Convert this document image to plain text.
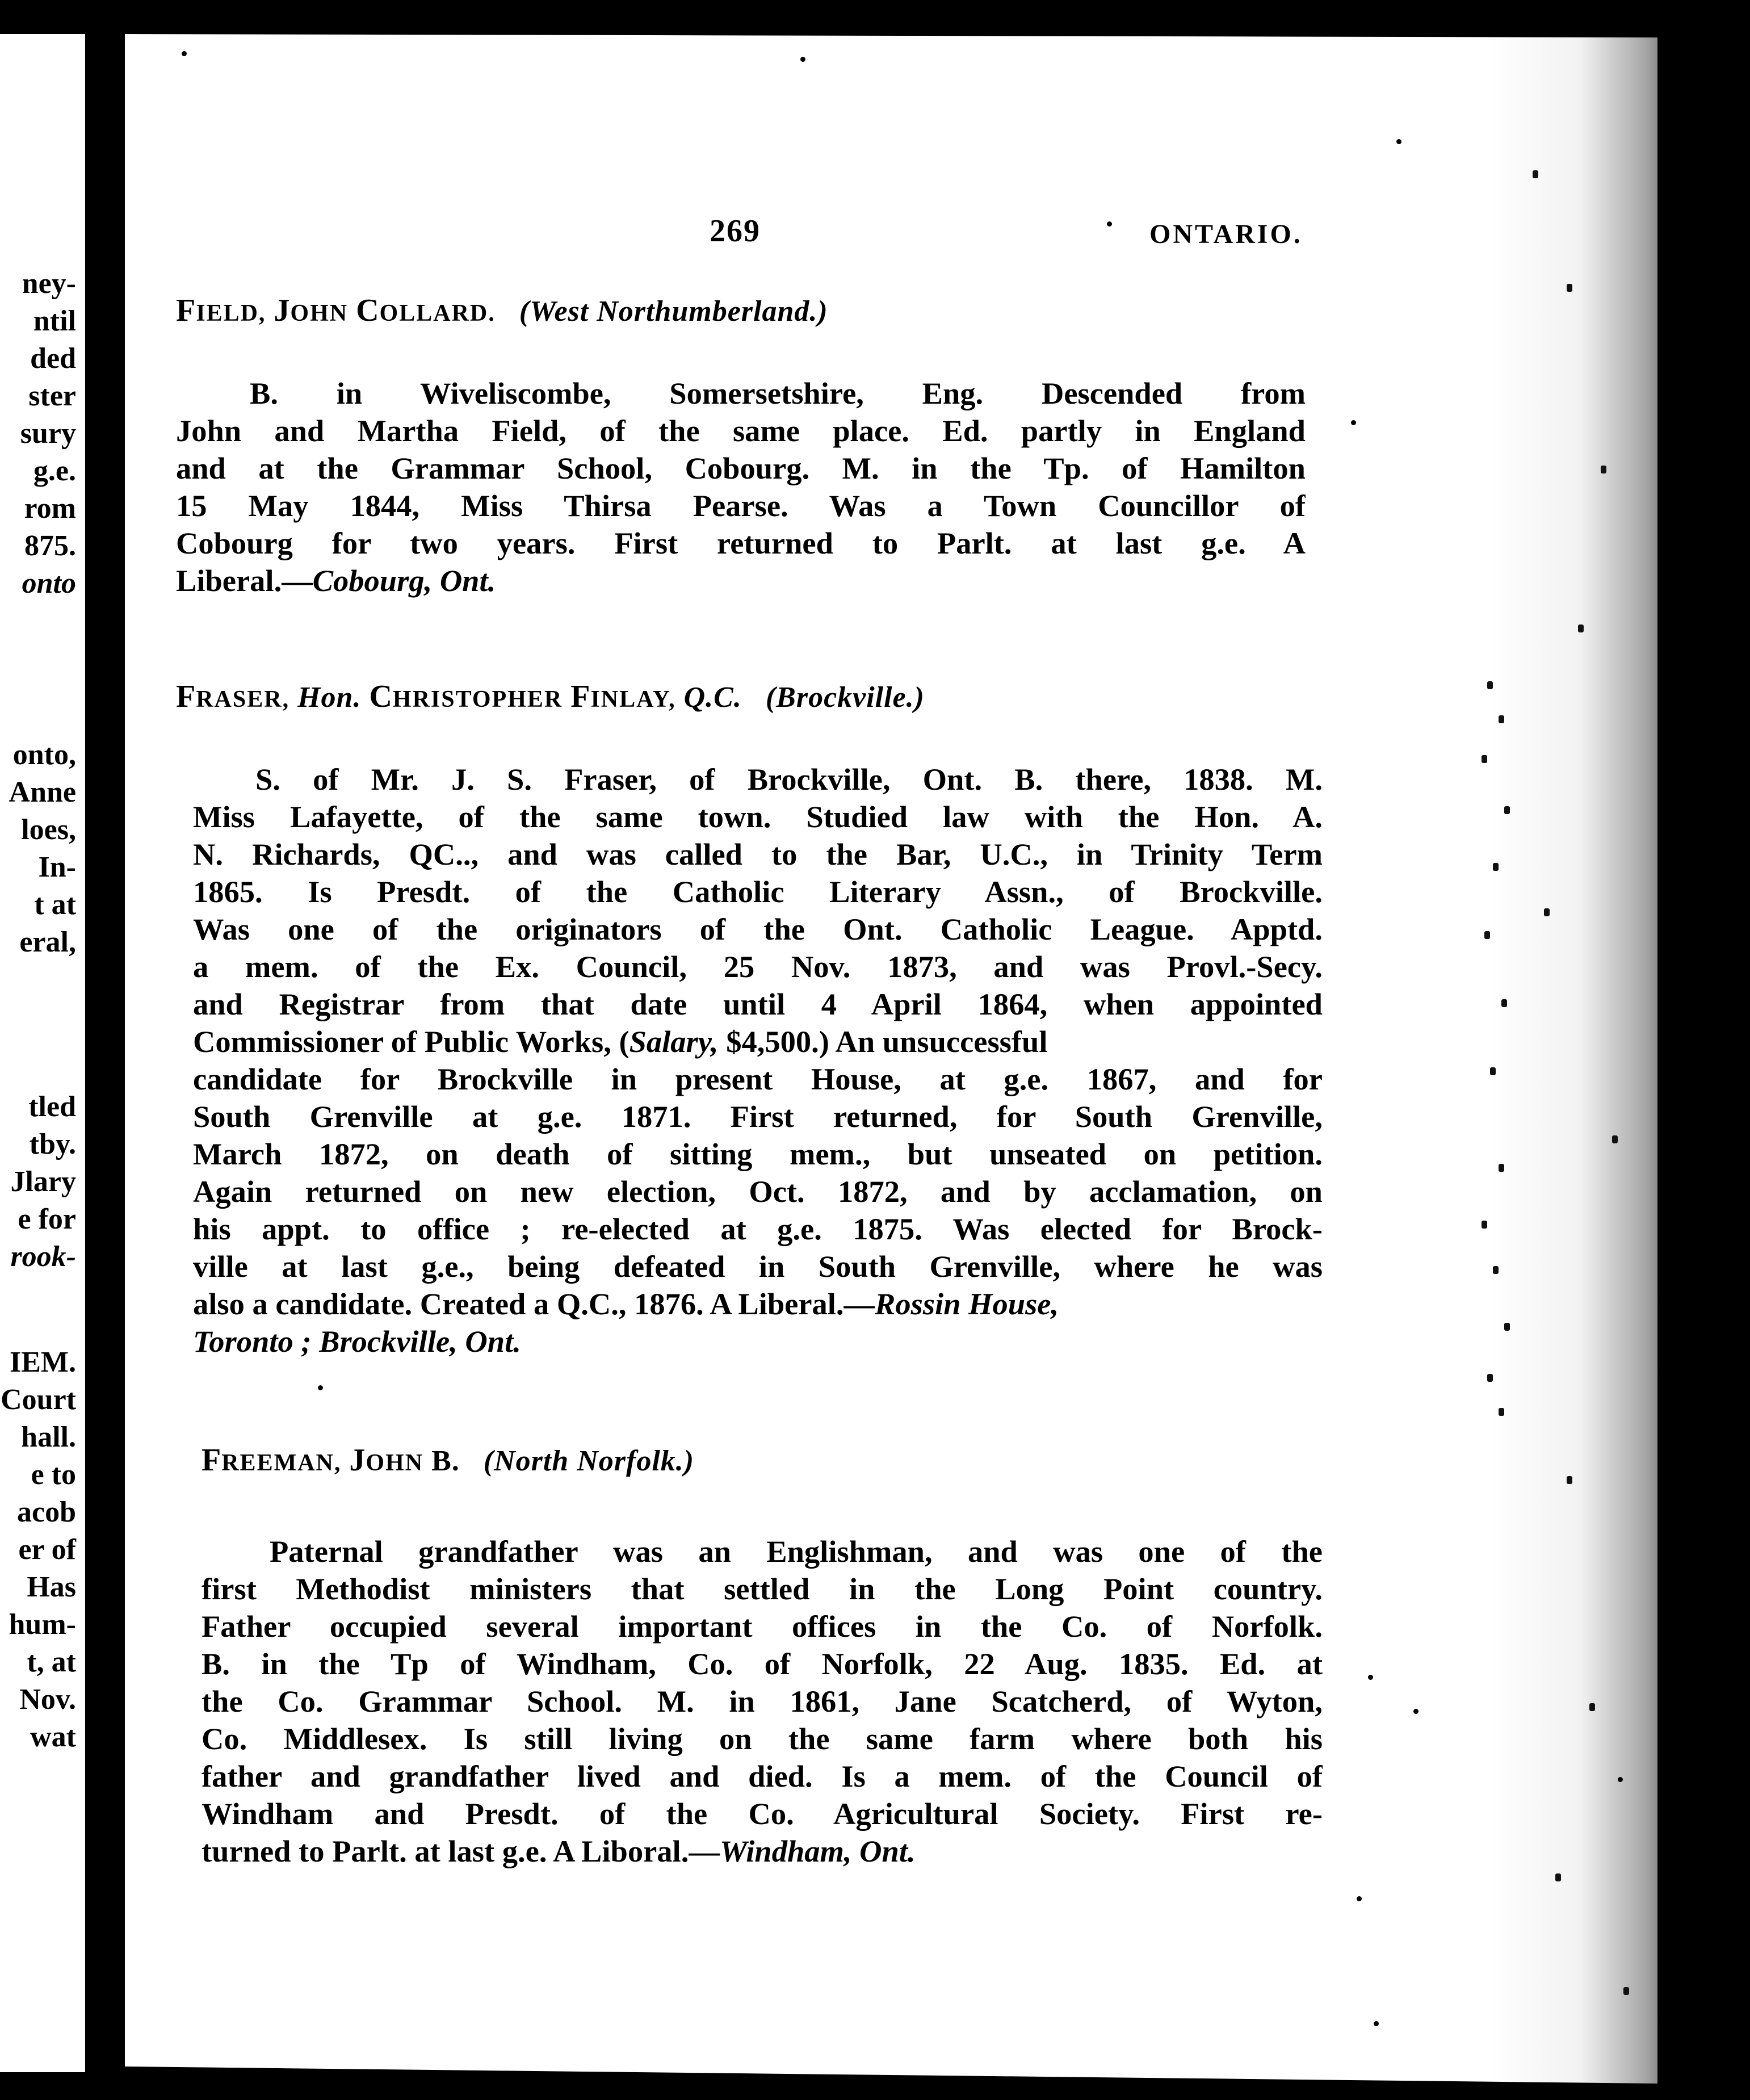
ney-
ntil
ded
ster
sury
g.e.
rom
875.
onto
onto,
Anne
loes,
In-
t at
eral,
tled
tby.
Jlary
e for
rook-
IEM.
Court
hall.
e to
acob
er of
Has
hum-
t, at
Nov.
wat
269	ONTARIO.
FIELD, JOHN COLLARD. (West Northumberland.)
B. in Wiveliscombe, Somersetshire, Eng. Descended from
John and Martha Field, of the same place. Ed. partly in England
and at the Grammar School, Cobourg. M. in the Tp. of Hamilton
15 May 1844, Miss Thirsa Pearse. Was a Town Councillor of
Cobourg for two years. First returned to Parlt. at last g.e. A
Liberal.—Cobourg, Ont.
FRASER, Hon. CHRISTOPHER FINLAY, Q.C. (Brockville.)
S. of Mr. J. S. Fraser, of Brockville, Ont. B. there, 1838. M.
Miss Lafayette, of the same town. Studied law with the Hon. A.
N. Richards, QC.., and was called to the Bar, U.C., in Trinity Term
1865. Is Presdt. of the Catholic Literary Assn., of Brockville.
Was one of the originators of the Ont. Catholic League. Apptd.
a mem. of the Ex. Council, 25 Nov. 1873, and was Provl.-Secy.
and Registrar from that date until 4 April 1864, when appointed
Commissioner of Public Works, (Salary, $4,500.) An unsuccessful
candidate for Brockville in present House, at g.e. 1867, and for
South Grenville at g.e. 1871. First returned, for South Grenville,
March 1872, on death of sitting mem., but unseated on petition.
Again returned on new election, Oct. 1872, and by acclamation, on
his appt. to office ; re-elected at g.e. 1875. Was elected for Brock-
ville at last g.e., being defeated in South Grenville, where he was
also a candidate. Created a Q.C., 1876. A Liberal.—Rossin House,
Toronto ; Brockville, Ont.
FREEMAN, JOHN B. (North Norfolk.)
Paternal grandfather was an Englishman, and was one of the
first Methodist ministers that settled in the Long Point country.
Father occupied several important offices in the Co. of Norfolk.
B. in the Tp of Windham, Co. of Norfolk, 22 Aug. 1835. Ed. at
the Co. Grammar School. M. in 1861, Jane Scatcherd, of Wyton,
Co. Middlesex. Is still living on the same farm where both his
father and grandfather lived and died. Is a mem. of the Council of
Windham and Presdt. of the Co. Agricultural Society. First re-
turned to Parlt. at last g.e. A Liboral.—Windham, Ont.
